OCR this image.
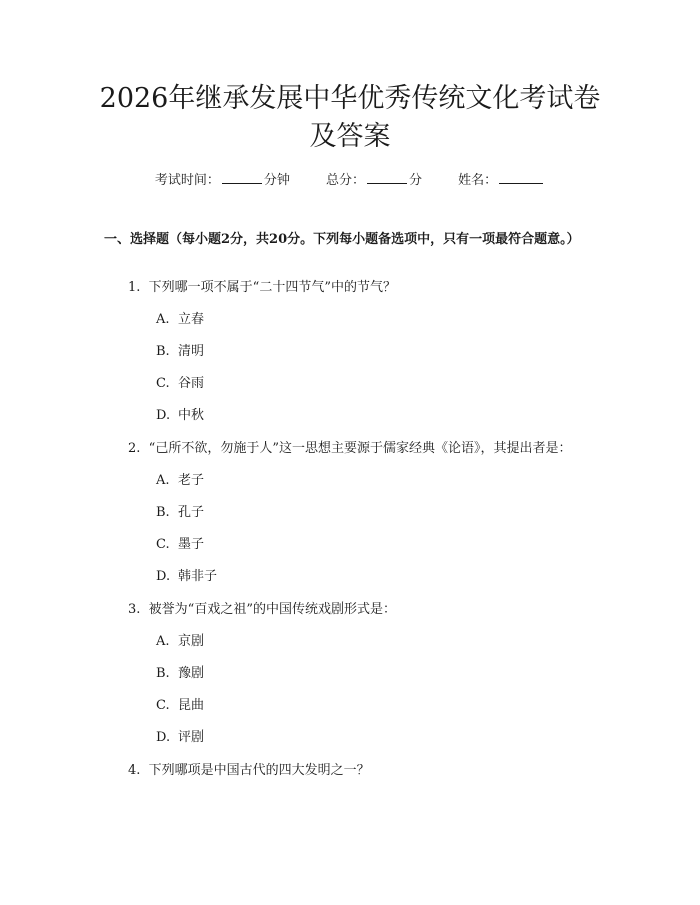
2026年继承发展中华优秀传统文化考试卷及答案
考试时间：	分钟	总分：	分	姓名：
一、选择题（每小题2分，共20分。下列每小题备选项中，只有一项最符合题意。）

1. 下列哪一项不属于“二十四节气”中的节气？

A. 立春

B. 清明

C. 谷雨

D. 中秋

2. “己所不欲，勿施于人”这一思想主要源于儒家经典《论语》，其提出者是：

A. 老子

B. 孔子

C. 墨子

D. 韩非子

3. 被誉为“百戏之祖”的中国传统戏剧形式是：

A. 京剧

B. 豫剧

C. 昆曲

D. 评剧

4. 下列哪项是中国古代的四大发明之一？
